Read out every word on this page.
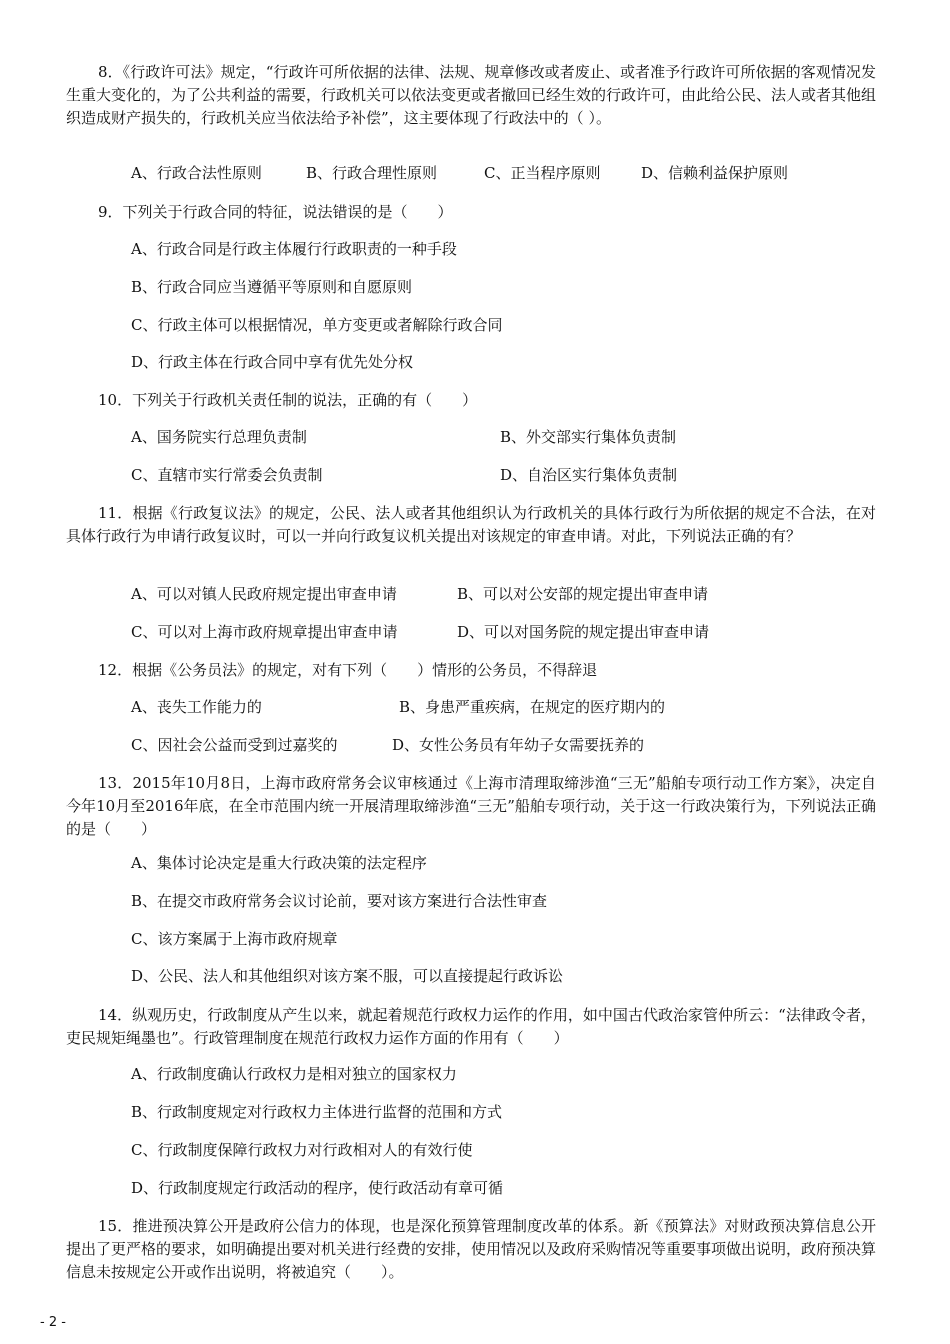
8．《行政许可法》规定，“行政许可所依据的法律、法规、规章修改或者废止、或者准予行政许可所依据的客观情况发生重大变化的，为了公共利益的需要，行政机关可以依法变更或者撤回已经生效的行政许可，由此给公民、法人或者其他组织造成财产损失的，行政机关应当依法给予补偿”，这主要体现了行政法中的（ ）。
A、行政合法性原则	B、行政合理性原则	C、正当程序原则	D、信赖利益保护原则
9．下列关于行政合同的特征，说法错误的是（　　）
A、行政合同是行政主体履行行政职责的一种手段
B、行政合同应当遵循平等原则和自愿原则
C、行政主体可以根据情况，单方变更或者解除行政合同
D、行政主体在行政合同中享有优先处分权
10．下列关于行政机关责任制的说法，正确的有（　　）
A、国务院实行总理负责制	B、外交部实行集体负责制
C、直辖市实行常委会负责制	D、自治区实行集体负责制
11．根据《行政复议法》的规定，公民、法人或者其他组织认为行政机关的具体行政行为所依据的规定不合法，在对具体行政行为申请行政复议时，可以一并向行政复议机关提出对该规定的审查申请。对此，下列说法正确的有？
A、可以对镇人民政府规定提出审查申请	B、可以对公安部的规定提出审查申请
C、可以对上海市政府规章提出审查申请	D、可以对国务院的规定提出审查申请
12．根据《公务员法》的规定，对有下列（　　）情形的公务员，不得辞退
A、丧失工作能力的	B、身患严重疾病，在规定的医疗期内的
C、因社会公益而受到过嘉奖的	D、女性公务员有年幼子女需要抚养的
13．2015年10月8日，上海市政府常务会议审核通过《上海市清理取缔涉渔“三无”船舶专项行动工作方案》，决定自今年10月至2016年底，在全市范围内统一开展清理取缔涉渔“三无”船舶专项行动，关于这一行政决策行为，下列说法正确的是（　　）
A、集体讨论决定是重大行政决策的法定程序
B、在提交市政府常务会议讨论前，要对该方案进行合法性审查
C、该方案属于上海市政府规章
D、公民、法人和其他组织对该方案不服，可以直接提起行政诉讼
14．纵观历史，行政制度从产生以来，就起着规范行政权力运作的作用，如中国古代政治家管仲所云：“法律政令者，吏民规矩绳墨也”。行政管理制度在规范行政权力运作方面的作用有（　　）
A、行政制度确认行政权力是相对独立的国家权力
B、行政制度规定对行政权力主体进行监督的范围和方式
C、行政制度保障行政权力对行政相对人的有效行使
D、行政制度规定行政活动的程序，使行政活动有章可循
15．推进预决算公开是政府公信力的体现，也是深化预算管理制度改革的体系。新《预算法》对财政预决算信息公开提出了更严格的要求，如明确提出要对机关进行经费的安排，使用情况以及政府采购情况等重要事项做出说明，政府预决算信息未按规定公开或作出说明，将被追究（　　）。
- 2 -
